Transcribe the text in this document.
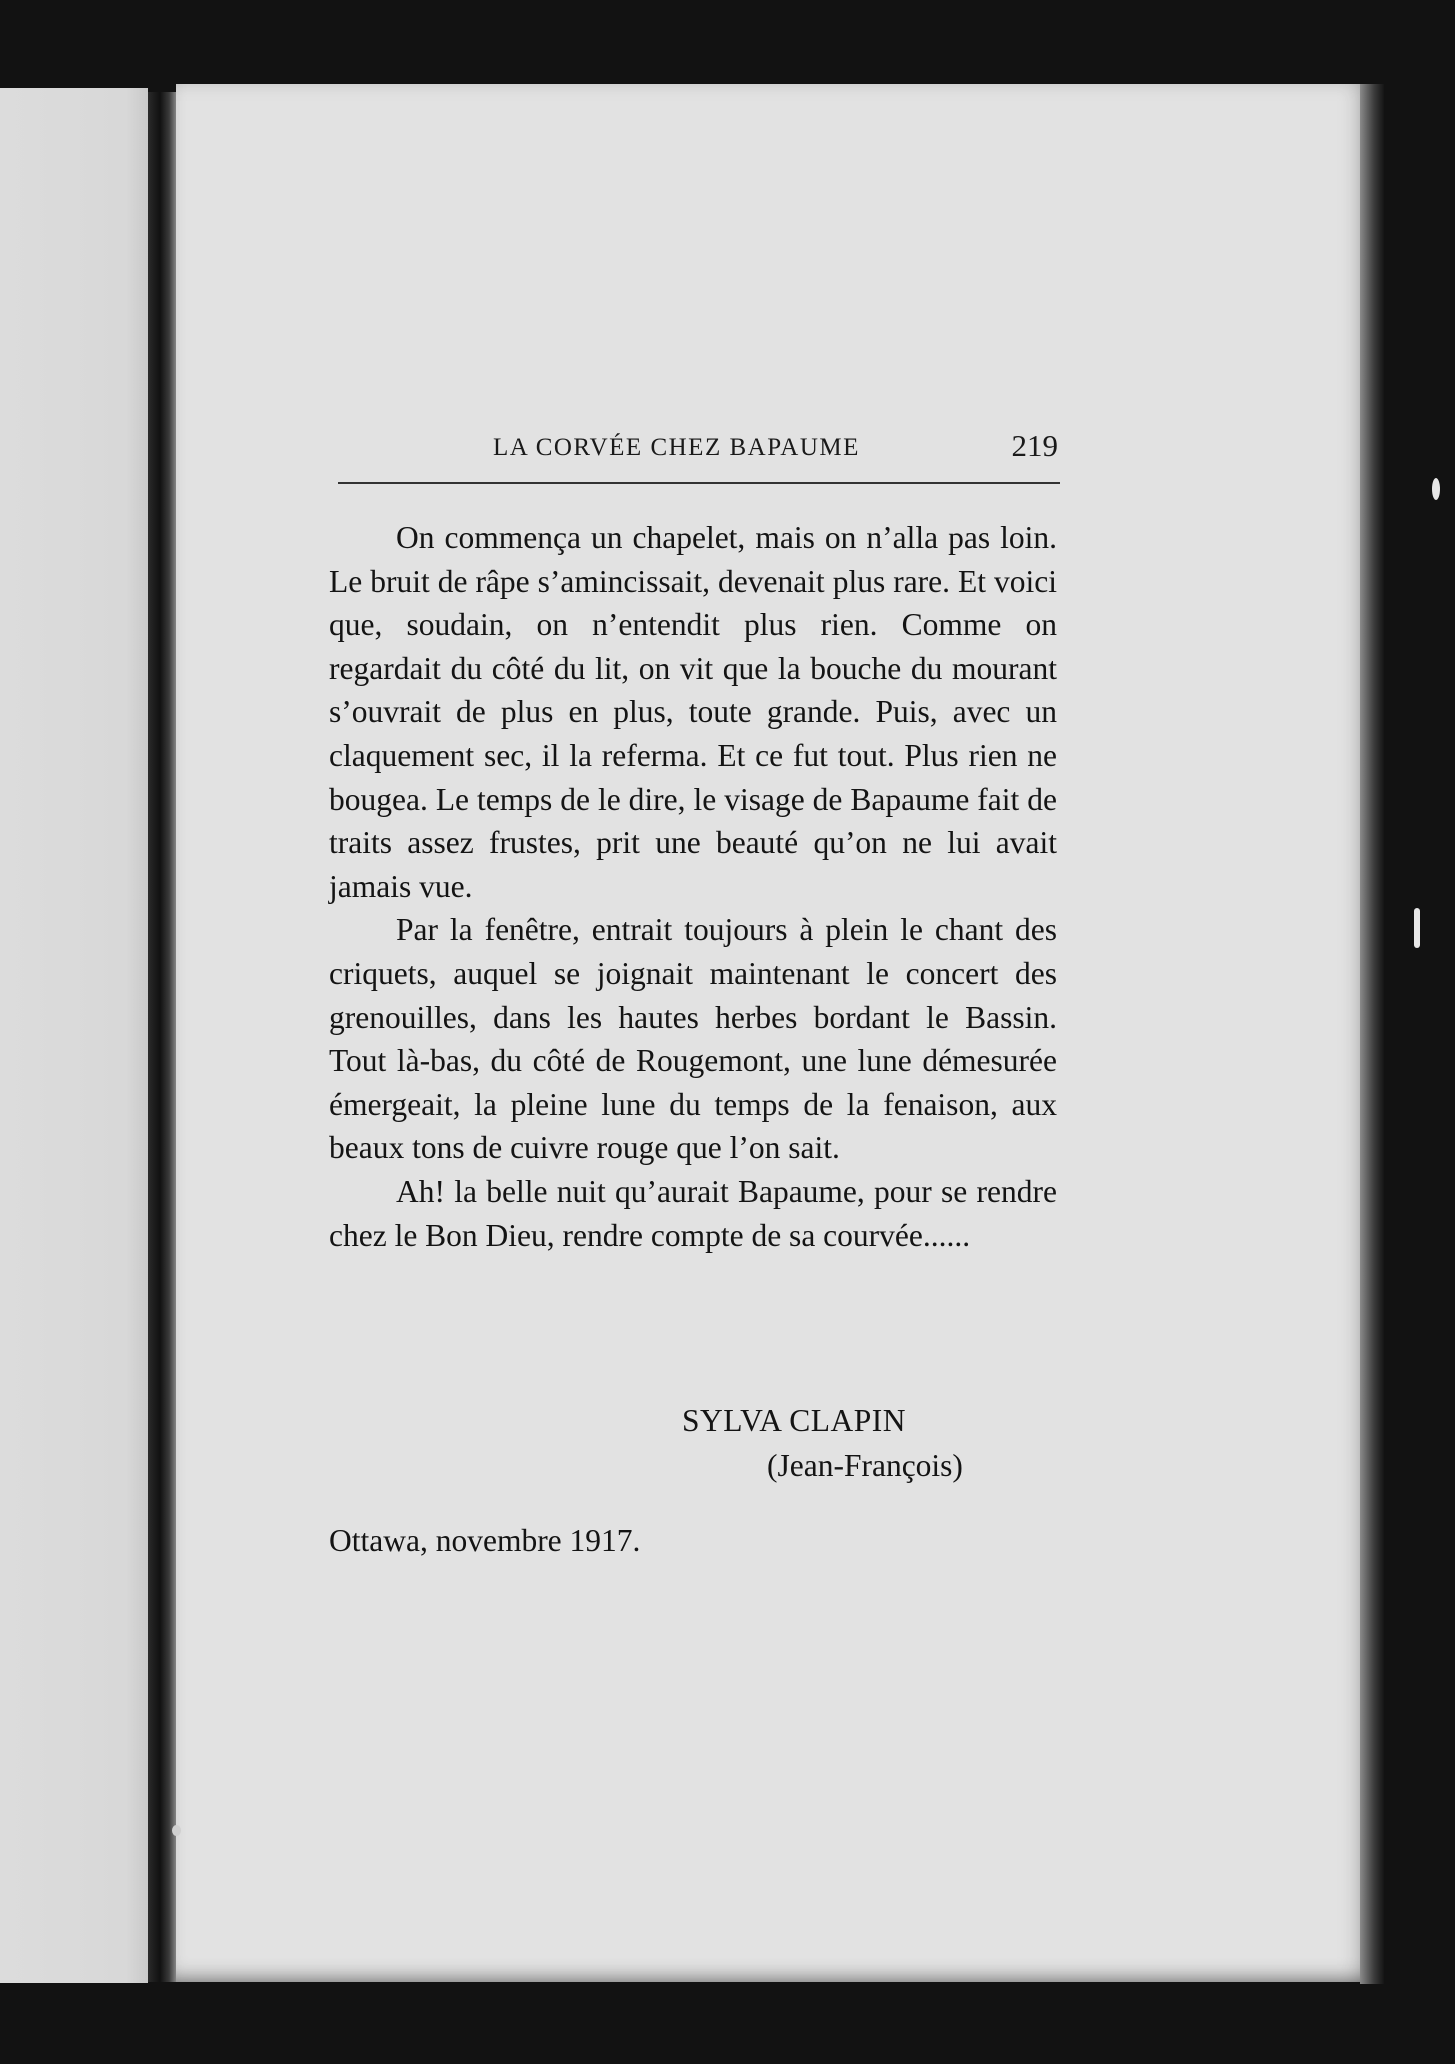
LA CORVÉE CHEZ BAPAUME	219

On commença un chapelet, mais on n’alla pas loin. Le bruit de râpe s’amincissait, devenait plus rare. Et voici que, soudain, on n’entendit plus rien. Comme on regardait du côté du lit, on vit que la bouche du mourant s’ouvrait de plus en plus, toute grande. Puis, avec un claquement sec, il la referma. Et ce fut tout. Plus rien ne bougea. Le temps de le dire, le visage de Bapaume fait de traits assez frustes, prit une beauté qu’on ne lui avait jamais vue.

Par la fenêtre, entrait toujours à plein le chant des criquets, auquel se joignait maintenant le concert des grenouilles, dans les hautes herbes bordant le Bassin. Tout là-bas, du côté de Rougemont, une lune démesurée émergeait, la pleine lune du temps de la fenaison, aux beaux tons de cuivre rouge que l’on sait.

Ah! la belle nuit qu’aurait Bapaume, pour se rendre chez le Bon Dieu, rendre compte de sa courvée......

SYLVA CLAPIN
(Jean-François)
Ottawa, novembre 1917.
